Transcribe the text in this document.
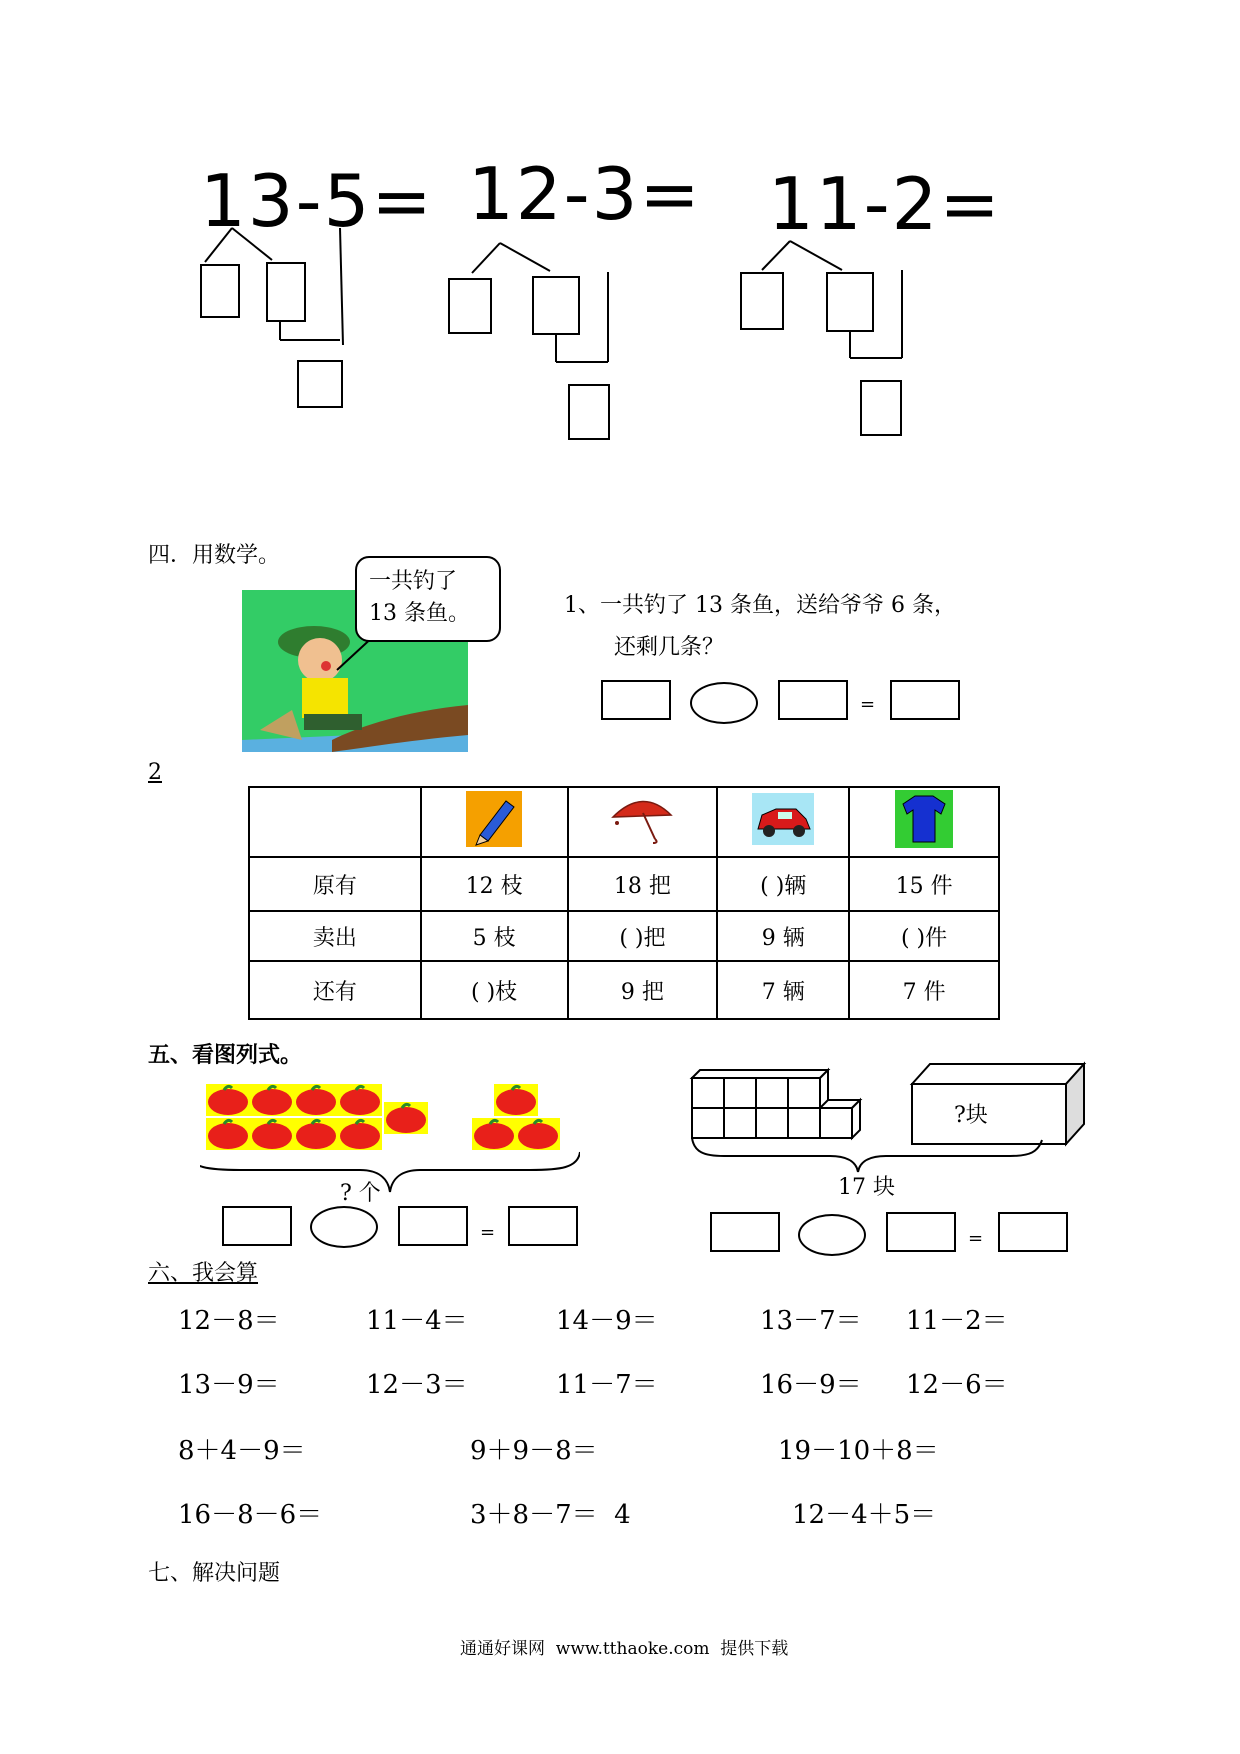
13-5= 12-3= 11-2=
四．用数学。
一共钓了
13 条鱼。	1、一共钓了 13 条鱼，送给爷爷 6 条，
还剩几条？
=
2

原有	12 枝	18 把	( )辆	15 件
卖出	5 枝	( )把	9 辆	( )件
还有	( )枝	9 把	7 辆	7 件
五、看图列式。
? 个
=
?块
17 块
=
六、我会算
12－8＝	11－4＝	14－9＝	13－7＝ 11－2＝
13－9＝	12－3＝	11－7＝	16－9＝ 12－6＝
8＋4－9＝	9＋9－8＝	19－10＋8＝
16－8－6＝	3＋8－7＝  4	12－4＋5＝
七、解决问题
通通好课网  www.tthaoke.com  提供下载
